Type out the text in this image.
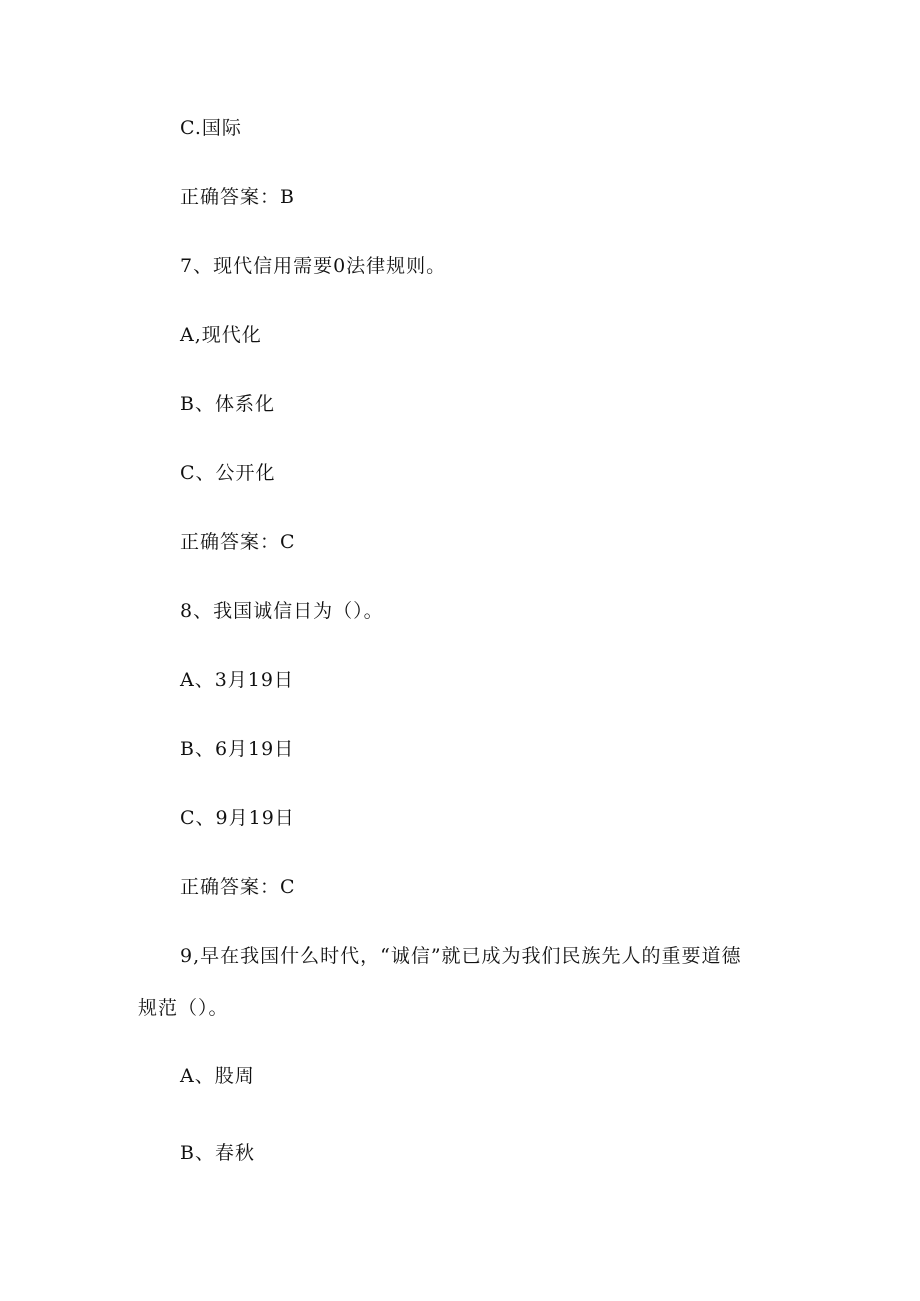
C.国际
正确答案：B
7、现代信用需要0法律规则。
A,现代化
B、体系化
C、公开化
正确答案：C
8、我国诚信日为（）。
A、3月19日
B、6月19日
C、9月19日
正确答案：C
9,早在我国什么时代，“诚信”就已成为我们民族先人的重要道德
规范（）。
A、股周
B、春秋
